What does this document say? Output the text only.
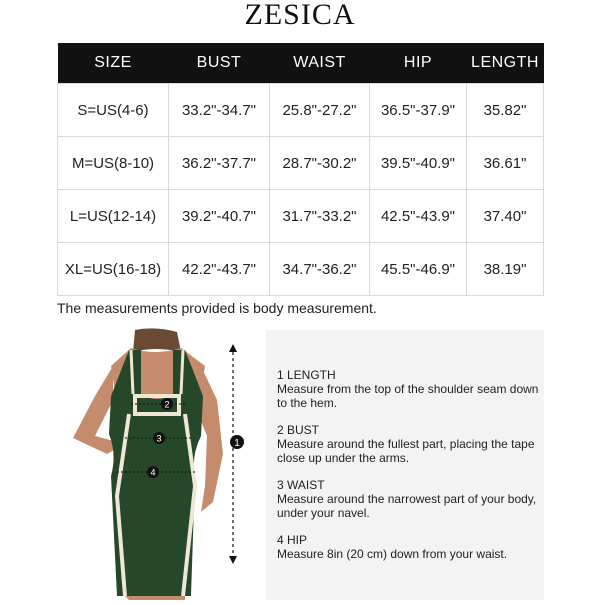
ZESICA
SIZE	BUST	WAIST	HIP	LENGTH
S=US(4-6)	33.2"-34.7"	25.8"-27.2"	36.5"-37.9"	35.82"
M=US(8-10)	36.2"-37.7"	28.7"-30.2"	39.5"-40.9"	36.61"
L=US(12-14)	39.2"-40.7"	31.7"-33.2"	42.5"-43.9"	37.40"
XL=US(16-18)	42.2"-43.7"	34.7"-36.2"	45.5"-46.9"	38.19"
The measurements provided is body measurement.
1
2
3
4
1 LENGTH
Measure from the top of the shoulder seam down to the hem.
2 BUST
Measure around the fullest part, placing the tape close up under the arms.
3 WAIST
Measure around the narrowest part of your body, under your navel.
4 HIP
Measure 8in (20 cm) down from your waist.
